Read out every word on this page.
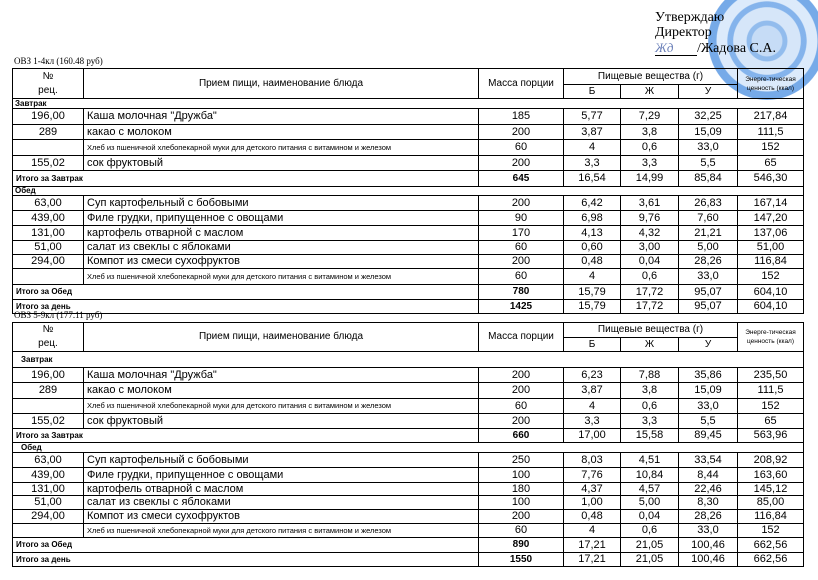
Утверждаю
Директор
Жд /Жадова С.А.
ОВЗ 1-4кл (160.48 руб)
№	Прием пищи, наименование блюда	Масса порции	Пищевые вещества (г)			Энерге-тическая ценность (ккал)
рец.			Б	Ж	У	
Завтрак						
196,00	Каша молочная "Дружба"	185	5,77	7,29	32,25	217,84
289	какао с молоком	200	3,87	3,8	15,09	111,5
	Хлеб из пшеничной хлебопекарной муки для детского питания с витамином и железом	60	4	0,6	33,0	152
155,02	сок фруктовый	200	3,3	3,3	5,5	65
Итого за Завтрак		645	16,54	14,99	85,84	546,30
Обед						
63,00	Суп картофельный с бобовыми	200	6,42	3,61	26,83	167,14
439,00	Филе грудки, припущенное с овощами	90	6,98	9,76	7,60	147,20
131,00	картофель отварной с маслом	170	4,13	4,32	21,21	137,06
51,00	салат из свеклы с яблоками	60	0,60	3,00	5,00	51,00
294,00	Компот из смеси сухофруктов	200	0,48	0,04	28,26	116,84
	Хлеб из пшеничной хлебопекарной муки для детского питания с витамином и железом	60	4	0,6	33,0	152
Итого за Обед		780	15,79	17,72	95,07	604,10
Итого за день		1425	15,79	17,72	95,07	604,10
ОВЗ 5-9кл (177.11 руб)
№	Прием пищи, наименование блюда	Масса порции	Пищевые вещества (г)			Энерге-тическая ценность (ккал)
рец.			Б	Ж	У	
Завтрак						
196,00	Каша молочная "Дружба"	200	6,23	7,88	35,86	235,50
289	какао с молоком	200	3,87	3,8	15,09	111,5
	Хлеб из пшеничной хлебопекарной муки для детского питания с витамином и железом	60	4	0,6	33,0	152
155,02	сок фруктовый	200	3,3	3,3	5,5	65
Итого за Завтрак		660	17,00	15,58	89,45	563,96
Обед						
63,00	Суп картофельный с бобовыми	250	8,03	4,51	33,54	208,92
439,00	Филе грудки, припущенное с овощами	100	7,76	10,84	8,44	163,60
131,00	картофель отварной с маслом	180	4,37	4,57	22,46	145,12
51,00	салат из свеклы с яблоками	100	1,00	5,00	8,30	85,00
294,00	Компот из смеси сухофруктов	200	0,48	0,04	28,26	116,84
	Хлеб из пшеничной хлебопекарной муки для детского питания с витамином и железом	60	4	0,6	33,0	152
Итого за Обед		890	17,21	21,05	100,46	662,56
Итого за день		1550	17,21	21,05	100,46	662,56
